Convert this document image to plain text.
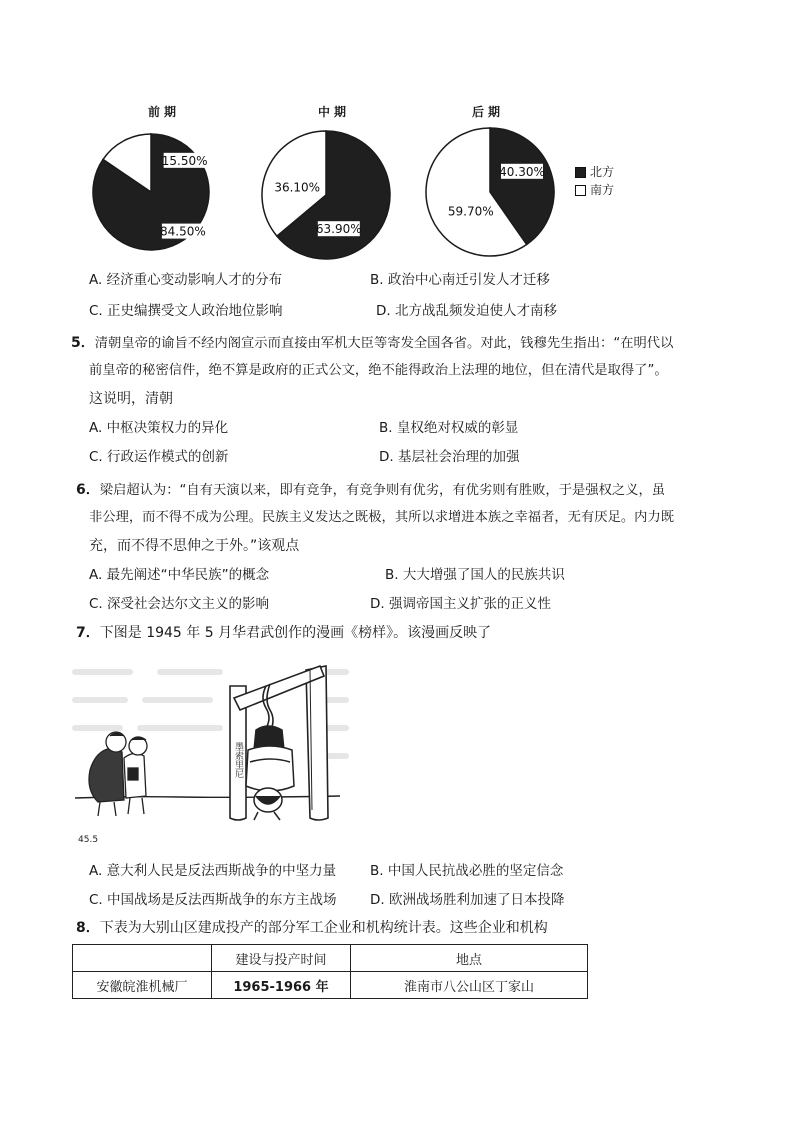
前期	中期	后期
84.50%
15.50%
63.90%
36.10%
40.30%
59.70%
北方
南方
A. 经济重心变动影响人才的分布	B. 政治中心南迁引发人才迁移
C. 正史编撰受文人政治地位影响	D. 北方战乱频发迫使人才南移
5．清朝皇帝的谕旨不经内阁宣示而直接由军机大臣等寄发全国各省。对此，钱穆先生指出：“在明代以
前皇帝的秘密信件，绝不算是政府的正式公文，绝不能得政治上法理的地位，但在清代是取得了”。
这说明，清朝
A. 中枢决策权力的异化	B. 皇权绝对权威的彰显
C. 行政运作模式的创新	D. 基层社会治理的加强
6．梁启超认为：“自有天演以来，即有竞争，有竞争则有优劣，有优劣则有胜败，于是强权之义，虽
非公理，而不得不成为公理。民族主义发达之既极，其所以求增进本族之幸福者，无有厌足。内力既
充，而不得不思伸之于外。”该观点
A. 最先阐述“中华民族”的概念	B. 大大增强了国人的民族共识
C. 深受社会达尔文主义的影响	D. 强调帝国主义扩张的正义性
7．下图是 1945 年 5 月华君武创作的漫画《榜样》。该漫画反映了
墨索里尼
45.5
A. 意大利人民是反法西斯战争的中坚力量	B. 中国人民抗战必胜的坚定信念
C. 中国战场是反法西斯战争的东方主战场 D. 欧洲战场胜利加速了日本投降
8．下表为大别山区建成投产的部分军工企业和机构统计表。这些企业和机构
	建设与投产时间	地点
安徽皖淮机械厂	1965-1966 年	淮南市八公山区丁家山
